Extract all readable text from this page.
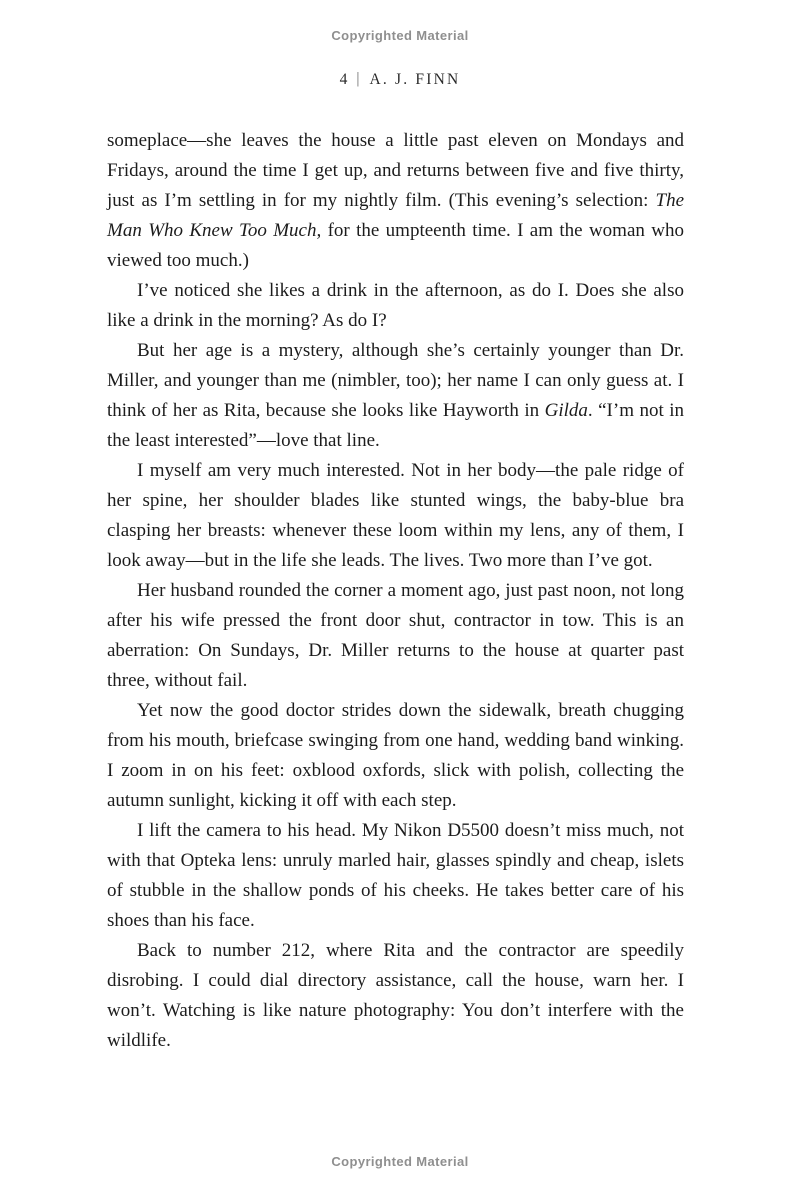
Copyrighted Material
4 | A. J. FINN

someplace—she leaves the house a little past eleven on Mondays and Fridays, around the time I get up, and returns between five and five thirty, just as I’m settling in for my nightly film. (This evening’s selection: The Man Who Knew Too Much, for the umpteenth time. I am the woman who viewed too much.)

I’ve noticed she likes a drink in the afternoon, as do I. Does she also like a drink in the morning? As do I?

But her age is a mystery, although she’s certainly younger than Dr. Miller, and younger than me (nimbler, too); her name I can only guess at. I think of her as Rita, because she looks like Hayworth in Gilda. “I’m not in the least interested”—love that line.

I myself am very much interested. Not in her body—the pale ridge of her spine, her shoulder blades like stunted wings, the baby-blue bra clasping her breasts: whenever these loom within my lens, any of them, I look away—but in the life she leads. The lives. Two more than I’ve got.

Her husband rounded the corner a moment ago, just past noon, not long after his wife pressed the front door shut, contractor in tow. This is an aberration: On Sundays, Dr. Miller returns to the house at quarter past three, without fail.

Yet now the good doctor strides down the sidewalk, breath chugging from his mouth, briefcase swinging from one hand, wedding band winking. I zoom in on his feet: oxblood oxfords, slick with polish, collecting the autumn sunlight, kicking it off with each step.

I lift the camera to his head. My Nikon D5500 doesn’t miss much, not with that Opteka lens: unruly marled hair, glasses spindly and cheap, islets of stubble in the shallow ponds of his cheeks. He takes better care of his shoes than his face.

Back to number 212, where Rita and the contractor are speedily disrobing. I could dial directory assistance, call the house, warn her. I won’t. Watching is like nature photography: You don’t interfere with the wildlife.

Copyrighted Material
